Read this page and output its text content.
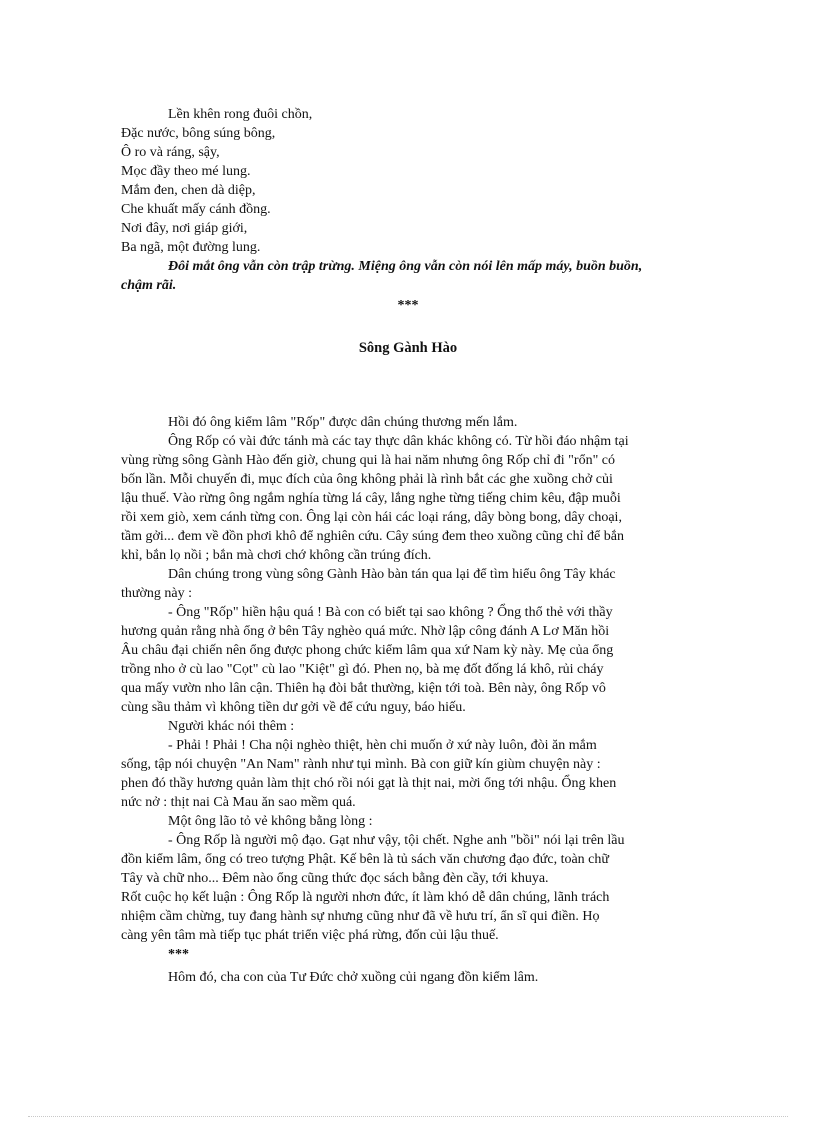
Lền khên rong đuôi chồn,
Đặc nước, bông súng bông,
Ô ro và ráng, sậy,
Mọc đầy theo mé lung.
Mắm đen, chen dà diệp,
Che khuất mấy cánh đồng.
Nơi đây, nơi giáp giới,
Ba ngã, một đường lung.
Đôi mắt ông vẫn còn trập trừng. Miệng ông vẫn còn nói lên mấp máy, buồn buồn,
chậm rãi.
***
Sông Gành Hào
Hồi đó ông kiểm lâm "Rốp" được dân chúng thương mến lắm.
Ông Rốp có vài đức tánh mà các tay thực dân khác không có. Từ hồi đáo nhậm tại
vùng rừng sông Gành Hào đến giờ, chung qui là hai năm nhưng ông Rốp chỉ đi "rổn" có
bốn lần. Mỗi chuyến đi, mục đích của ông không phải là rình bắt các ghe xuồng chở củi
lậu thuế. Vào rừng ông ngắm nghía từng lá cây, lắng nghe từng tiếng chim kêu, đập muỗi
rồi xem giò, xem cánh từng con. Ông lại còn hái các loại ráng, dây bòng bong, dây choại,
tầm gởi... đem về đồn phơi khô để nghiên cứu. Cây súng đem theo xuồng cũng chỉ để bắn
khỉ, bắn lọ nồi ; bắn mà chơi chớ không cần trúng đích.
Dân chúng trong vùng sông Gành Hào bàn tán qua lại để tìm hiểu ông Tây khác
thường này :
- Ông "Rốp" hiền hậu quá ! Bà con có biết tại sao không ? Ổng thổ thẻ với thầy
hương quản rằng nhà ổng ở bên Tây nghèo quá mức. Nhờ lập công đánh A Lơ Măn hồi
Âu châu đại chiến nên ổng được phong chức kiểm lâm qua xứ Nam kỳ này. Mẹ của ổng
trồng nho ở cù lao "Cọt" cù lao "Kiệt" gì đó. Phen nọ, bà mẹ đốt đống lá khô, rủi cháy
qua mấy vườn nho lân cận. Thiên hạ đòi bắt thường, kiện tới toà. Bên này, ông Rốp vô
cùng sầu thảm vì không tiền dư gởi về để cứu nguy, báo hiếu.
Người khác nói thêm :
- Phải ! Phải ! Cha nội nghèo thiệt, hèn chi muốn ở xứ này luôn, đòi ăn mắm
sống, tập nói chuyện "An Nam" rành như tụi mình. Bà con giữ kín giùm chuyện này :
phen đó thầy hương quản làm thịt chó rồi nói gạt là thịt nai, mời ổng tới nhậu. Ổng khen
nức nở : thịt nai Cà Mau ăn sao mềm quá.
Một ông lão tỏ vẻ không bằng lòng :
- Ông Rốp là người mộ đạo. Gạt như vậy, tội chết. Nghe anh "bồi" nói lại trên lầu
đồn kiểm lâm, ổng có treo tượng Phật. Kế bên là tủ sách văn chương đạo đức, toàn chữ
Tây và chữ nho... Đêm nào ổng cũng thức đọc sách bằng đèn cầy, tới khuya.
Rốt cuộc họ kết luận : Ông Rốp là người nhơn đức, ít làm khó dễ dân chúng, lãnh trách
nhiệm cầm chừng, tuy đang hành sự nhưng cũng như đã về hưu trí, ẩn sĩ qui điền. Họ
càng yên tâm mà tiếp tục phát triển việc phá rừng, đốn củi lậu thuế.
***
Hôm đó, cha con của Tư Đức chở xuồng củi ngang đồn kiểm lâm.
